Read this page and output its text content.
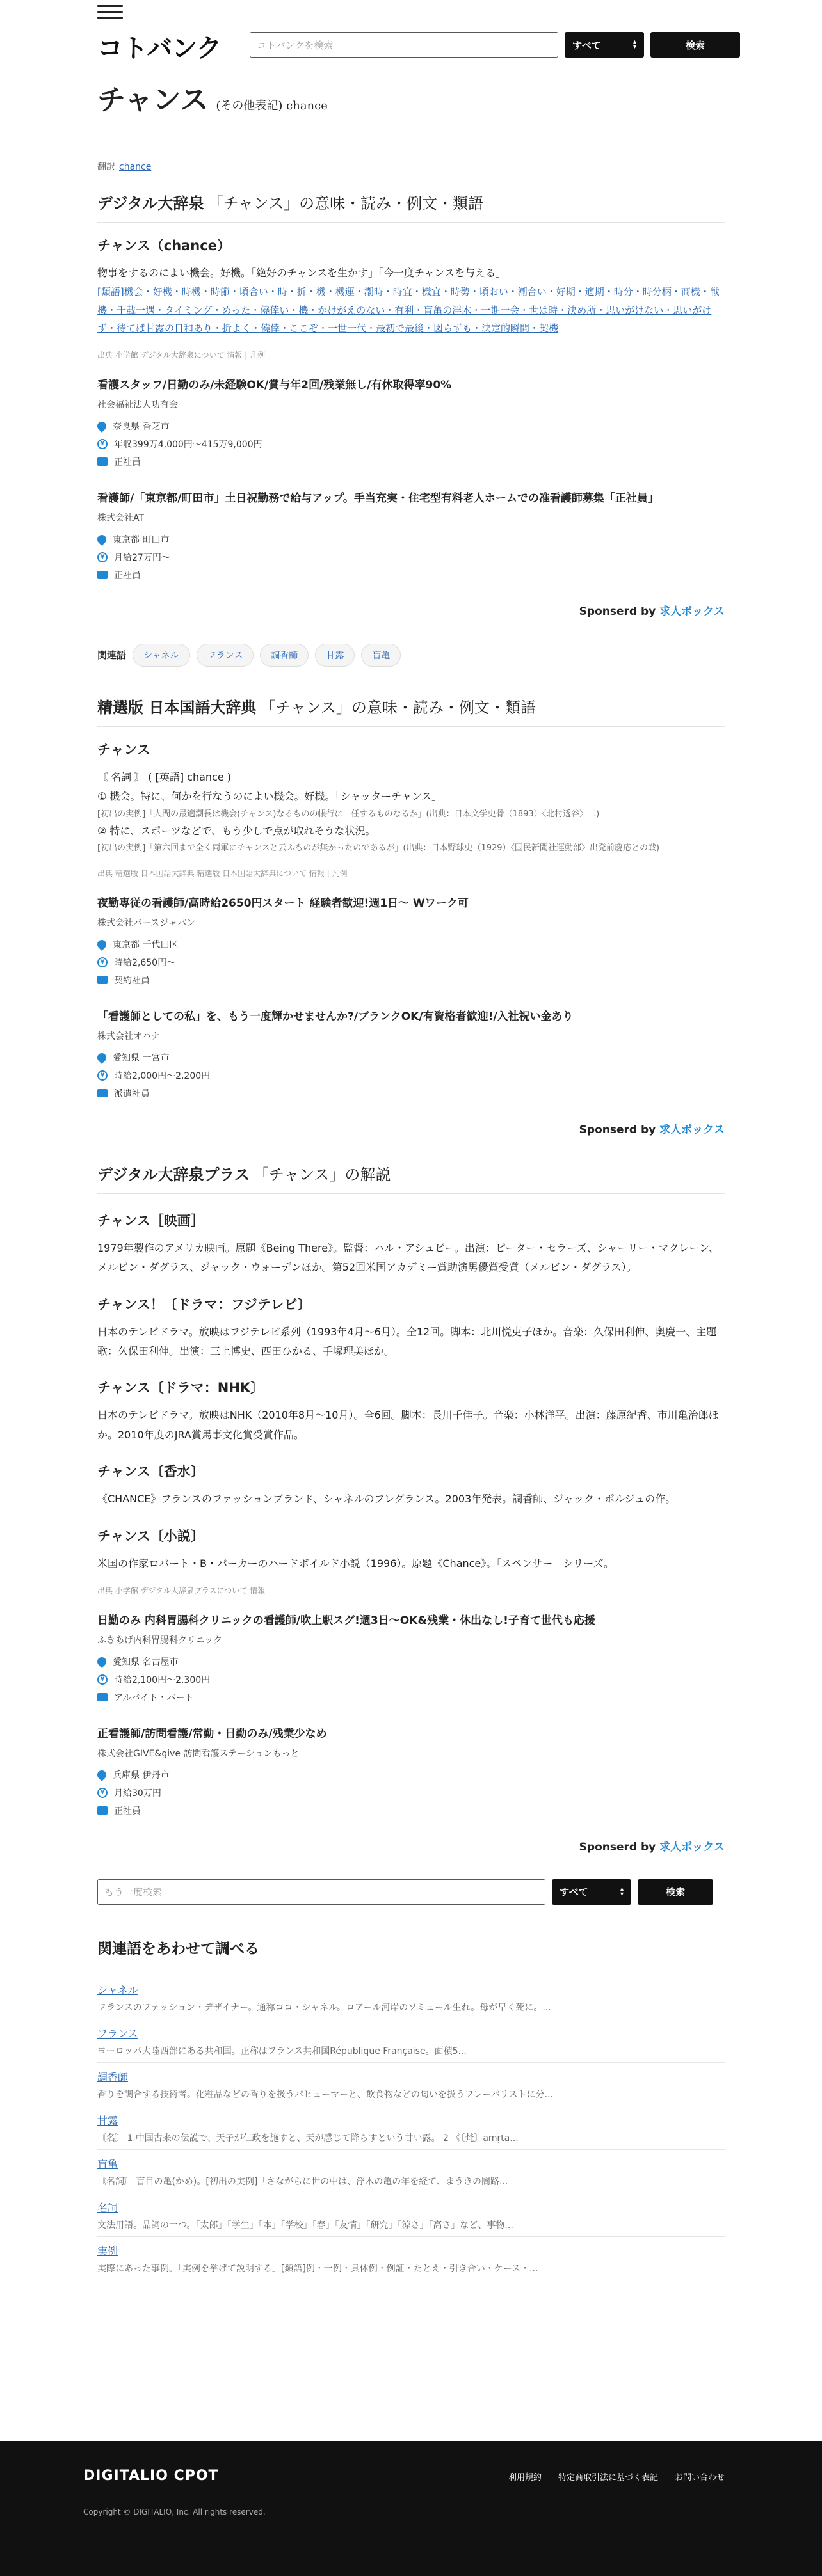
コトバンク	コトバンクを検索	すべて	▴
▾	検索
チャンス (その他表記) chance
翻訳 chance
デジタル大辞泉 「チャンス」の意味・読み・例文・類語
チャンス（chance）
物事をするのによい機会。好機。「絶好のチャンスを生かす」「今一度チャンスを与える」
[類語]機会・好機・時機・時節・頃合い・時・折・機・機運・潮時・時宜・機宜・時勢・頃おい・潮合い・好期・適期・時分・時分柄・商機・戦機・千載一遇・タイミング・めった・僥倖い・機・かけがえのない・有利・盲亀の浮木・一期一会・世は時・決め所・思いがけない・思いがけず・待てば甘露の日和あり・折よく・僥倖・ここぞ・一世一代・最初で最後・図らずも・決定的瞬間・契機
出典 小学館 デジタル大辞泉について 情報 | 凡例
看護スタッフ/日勤のみ/未経験OK/賞与年2回/残業無し/有休取得率90%
社会福祉法人功有会
奈良県 香芝市
¥	年収399万4,000円～415万9,000円
正社員
看護師/「東京都/町田市」土日祝勤務で給与アップ。手当充実・住宅型有料老人ホームでの准看護師募集「正社員」
株式会社AT
東京都 町田市
¥	月給27万円～
正社員
Sponserd by 求人ボックス
関連語	シャネル	フランス	調香師	甘露	盲亀
精選版 日本国語大辞典 「チャンス」の意味・読み・例文・類語
チャンス
〘 名詞 〙 ( [英語] chance )
① 機会。特に、何かを行なうのによい機会。好機。「シャッターチャンス」
[初出の実例]「人間の最適潮長は機会(チャンス)なるものの帳行に一任するものなるか」(出典：日本文学史骨（1893）〈北村透谷〉二)
② 特に、スポーツなどで、もう少しで点が取れそうな状況。
[初出の実例]「第六回まで全く両軍にチャンスと云ふものが無かったのであるが」(出典：日本野球史（1929）〈国民新聞社運動部〉出発前慶応との戦)
出典 精選版 日本国語大辞典 精選版 日本国語大辞典について 情報 | 凡例
夜勤専従の看護師/高時給2650円スタート 経験者歓迎!週1日～ Wワーク可
株式会社バースジャパン
東京都 千代田区
¥	時給2,650円～
契約社員
「看護師としての私」を、もう一度輝かせませんか?/ブランクOK/有資格者歓迎!/入社祝い金あり
株式会社オハナ
愛知県 一宮市
¥	時給2,000円～2,200円
派遣社員
Sponserd by 求人ボックス
デジタル大辞泉プラス 「チャンス」の解説
チャンス［映画］
1979年製作のアメリカ映画。原題《Being There》。監督：ハル・アシュビー。出演：ピーター・セラーズ、シャーリー・マクレーン、メルビン・ダグラス、ジャック・ウォーデンほか。第52回米国アカデミー賞助演男優賞受賞（メルビン・ダグラス）。
チャンス！〔ドラマ：フジテレビ〕
日本のテレビドラマ。放映はフジテレビ系列（1993年4月～6月）。全12回。脚本：北川悦吏子ほか。音楽：久保田利伸、奥慶一、主題歌：久保田利伸。出演：三上博史、西田ひかる、手塚理美ほか。
チャンス〔ドラマ：NHK〕
日本のテレビドラマ。放映はNHK（2010年8月～10月）。全6回。脚本：長川千佳子。音楽：小林洋平。出演：藤原紀香、市川亀治郎ほか。2010年度のJRA賞馬事文化賞受賞作品。
チャンス〔香水〕
《CHANCE》フランスのファッションブランド、シャネルのフレグランス。2003年発表。調香師、ジャック・ポルジュの作。
チャンス〔小説〕
米国の作家ロバート・B・パーカーのハードボイルド小説（1996）。原題《Chance》。「スペンサー」シリーズ。
出典 小学館 デジタル大辞泉プラスについて 情報
日勤のみ 内科胃腸科クリニックの看護師/吹上駅スグ!週3日～OK&残業・休出なし!子育て世代も応援
ふきあげ内科胃腸科クリニック
愛知県 名古屋市
¥	時給2,100円～2,300円
アルバイト・パート
正看護師/訪問看護/常勤・日勤のみ/残業少なめ
株式会社GIVE&give 訪問看護ステーションもっと
兵庫県 伊丹市
¥	月給30万円
正社員
Sponserd by 求人ボックス
もう一度検索	すべて	▴
▾	検索
関連語をあわせて調べる
シャネル
フランスのファッション・デザイナー。通称ココ・シャネル。ロアール河岸のソミュール生れ。母が早く死に。...
フランス
ヨーロッパ大陸西部にある共和国。正称はフランス共和国République Française。面積5...
調香師
香りを調合する技術者。化粧品などの香りを扱うパヒューマーと、飲食物などの匂いを扱うフレーバリストに分...
甘露
〘名〙 1 中国古来の伝説で、天子が仁政を施すと、天が感じて降らすという甘い露。 2 《〔梵〕amṛta...
盲亀
〘名詞〙 盲目の亀(かめ)。[初出の実例]「さながらに世の中は、浮木の亀の年を経て、まうきの闇路...
名詞
文法用語。品詞の一つ。「太郎」「学生」「本」「学校」「春」「友情」「研究」「涼さ」「高さ」など、事物...
実例
実際にあった事例。「実例を挙げて説明する」[類語]例・一例・具体例・例証・たとえ・引き合い・ケース・...
DIGITALIO CPOT	利用規約 特定商取引法に基づく表記 お問い合わせ
Copyright © DIGITALIO, Inc. All rights reserved.
